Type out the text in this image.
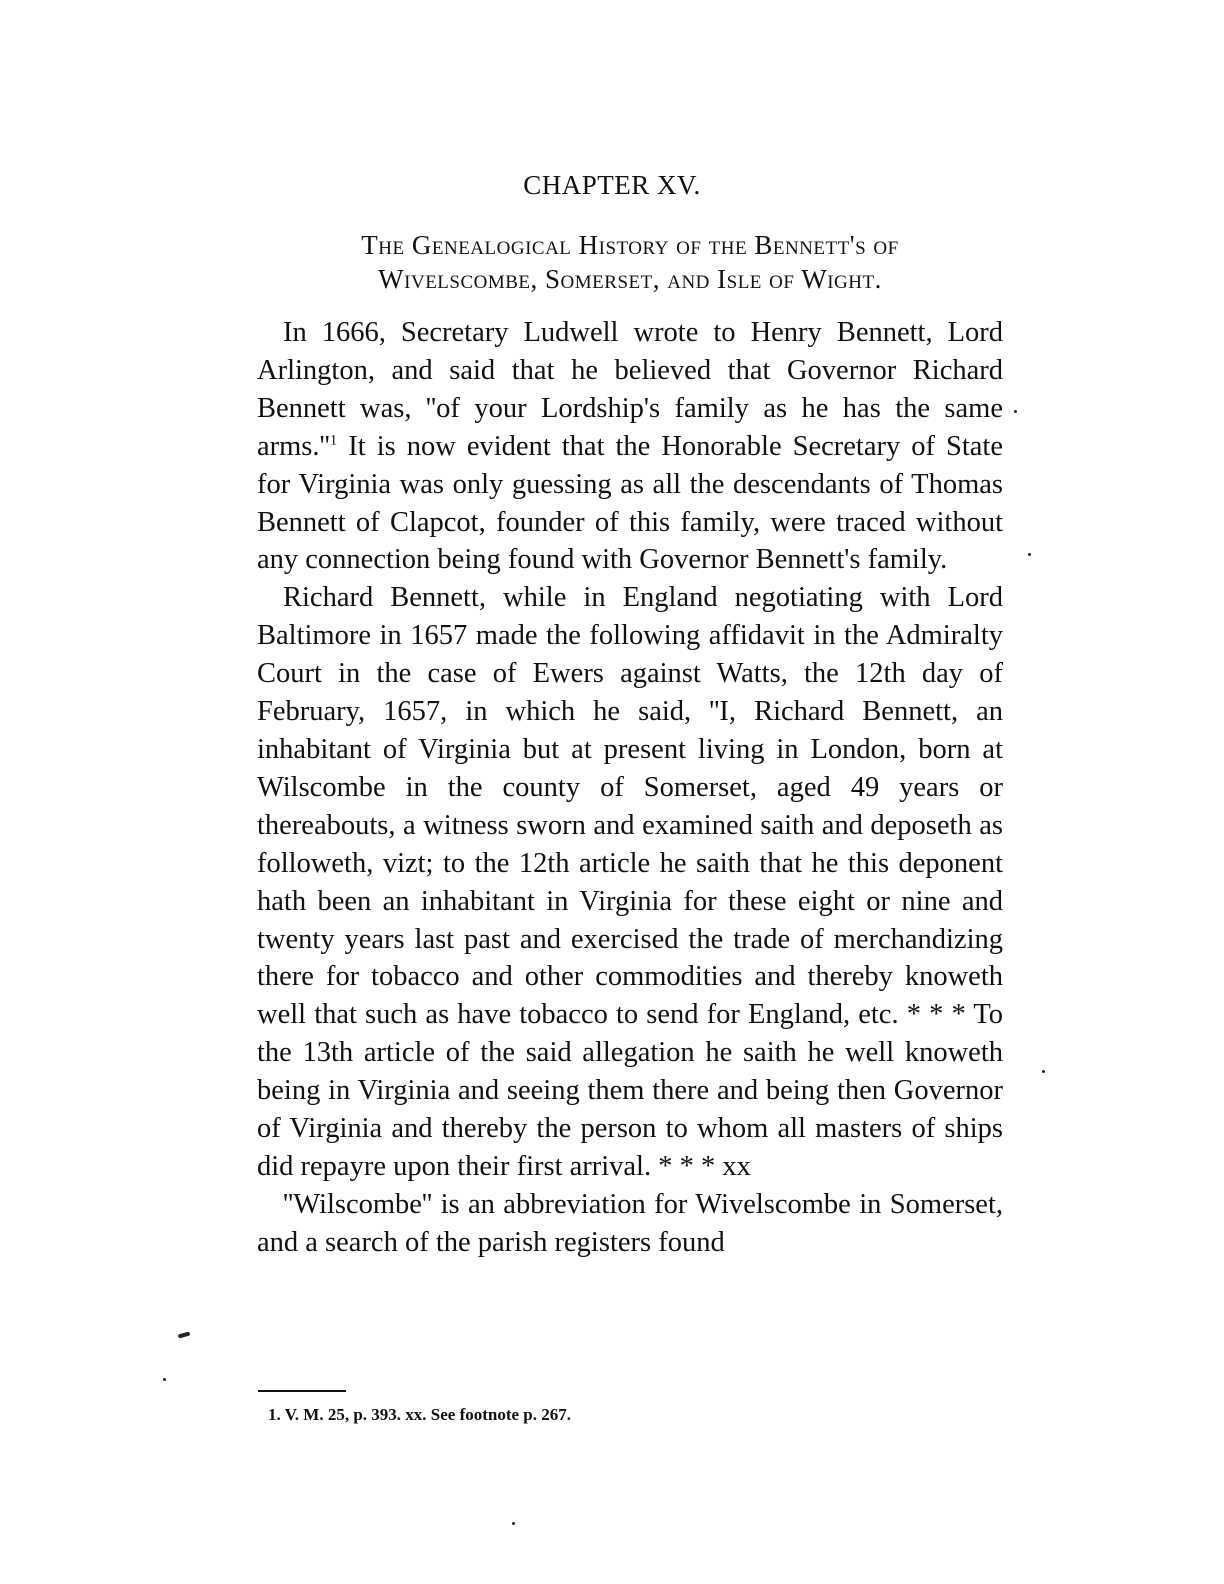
CHAPTER XV.
The Genealogical History of the Bennett's of
Wivelscombe, Somerset, and Isle of Wight.

In 1666, Secretary Ludwell wrote to Henry Bennett, Lord Arlington, and said that he believed that Governor Richard Bennett was, ''of your Lordship's family as he has the same arms.''$^1$ It is now evident that the Honorable Secretary of State for Virginia was only guessing as all the descendants of Thomas Bennett of Clapcot, founder of this family, were traced without any connection being found with Governor Bennett's family.

Richard Bennett, while in England negotiating with Lord Baltimore in 1657 made the following affidavit in the Admiralty Court in the case of Ewers against Watts, the 12th day of February, 1657, in which he said, ''I, Richard Bennett, an inhabitant of Virginia but at present living in London, born at Wilscombe in the county of Somerset, aged 49 years or thereabouts, a witness sworn and examined saith and deposeth as followeth, vizt; to the 12th article he saith that he this deponent hath been an inhabitant in Virginia for these eight or nine and twenty years last past and exercised the trade of merchandizing there for tobacco and other commodities and thereby knoweth well that such as have tobacco to send for England, etc. * * * To the 13th article of the said allegation he saith he well knoweth being in Virginia and seeing them there and being then Governor of Virginia and thereby the person to whom all masters of ships did repayre upon their first arrival. * * * xx

''Wilscombe'' is an abbreviation for Wivelscombe in Somerset, and a search of the parish registers found

1. V. M. 25, p. 393. xx. See footnote p. 267.
